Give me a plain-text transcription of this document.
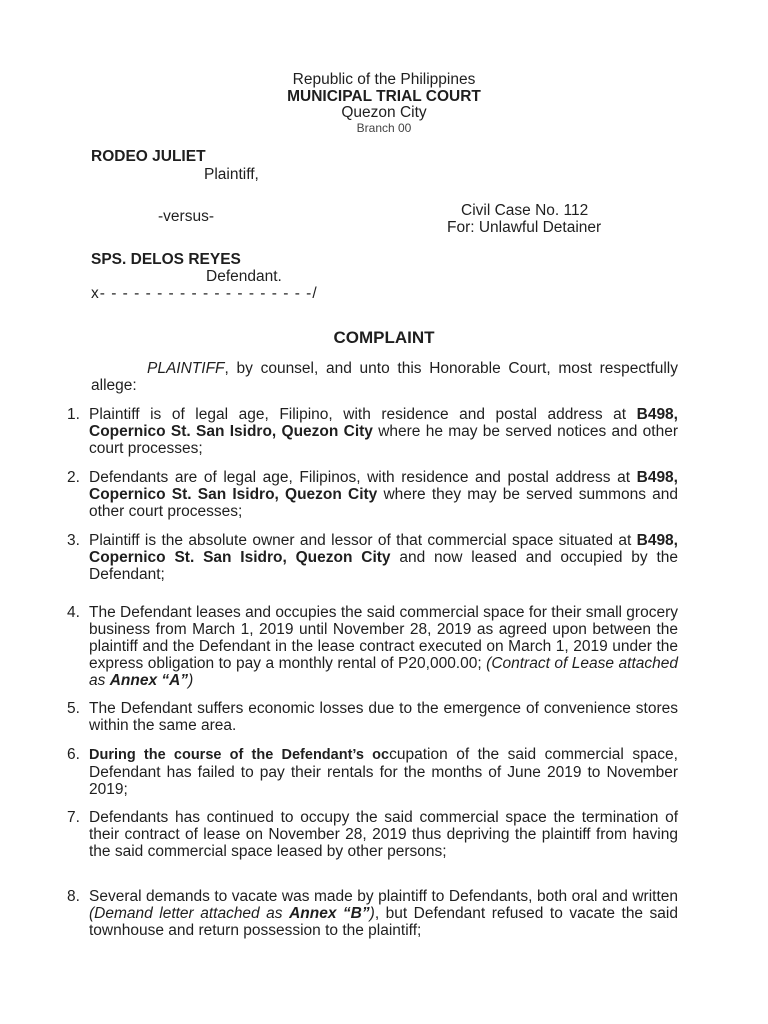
Republic of the Philippines
MUNICIPAL TRIAL COURT
Quezon City
Branch 00
RODEO JULIET
Plaintiff,
-versus-	Civil Case No. 112
For: Unlawful Detainer
SPS. DELOS REYES
Defendant.
x- - - - - - - - - - - - - - - - - - -/
COMPLAINT
PLAINTIFF, by counsel, and unto this Honorable Court, most respectfully allege:
1. Plaintiff is of legal age, Filipino, with residence and postal address at B498, Copernico St. San Isidro, Quezon City where he may be served notices and other court processes;
2. Defendants are of legal age, Filipinos, with residence and postal address at B498, Copernico St. San Isidro, Quezon City where they may be served summons and other court processes;
3. Plaintiff is the absolute owner and lessor of that commercial space situated at B498, Copernico St. San Isidro, Quezon City and now leased and occupied by the Defendant;
4. The Defendant leases and occupies the said commercial space for their small grocery business from March 1, 2019 until November 28, 2019 as agreed upon between the plaintiff and the Defendant in the lease contract executed on March 1, 2019 under the express obligation to pay a monthly rental of P20,000.00; (Contract of Lease attached as Annex “A”)
5. The Defendant suffers economic losses due to the emergence of convenience stores within the same area.
6. During the course of the Defendant’s occupation of the said commercial space, Defendant has failed to pay their rentals for the months of June 2019 to November 2019;
7. Defendants has continued to occupy the said commercial space the termination of their contract of lease on November 28, 2019 thus depriving the plaintiff from having the said commercial space leased by other persons;
8. Several demands to vacate was made by plaintiff to Defendants, both oral and written (Demand letter attached as Annex “B”), but Defendant refused to vacate the said townhouse and return possession to the plaintiff;
